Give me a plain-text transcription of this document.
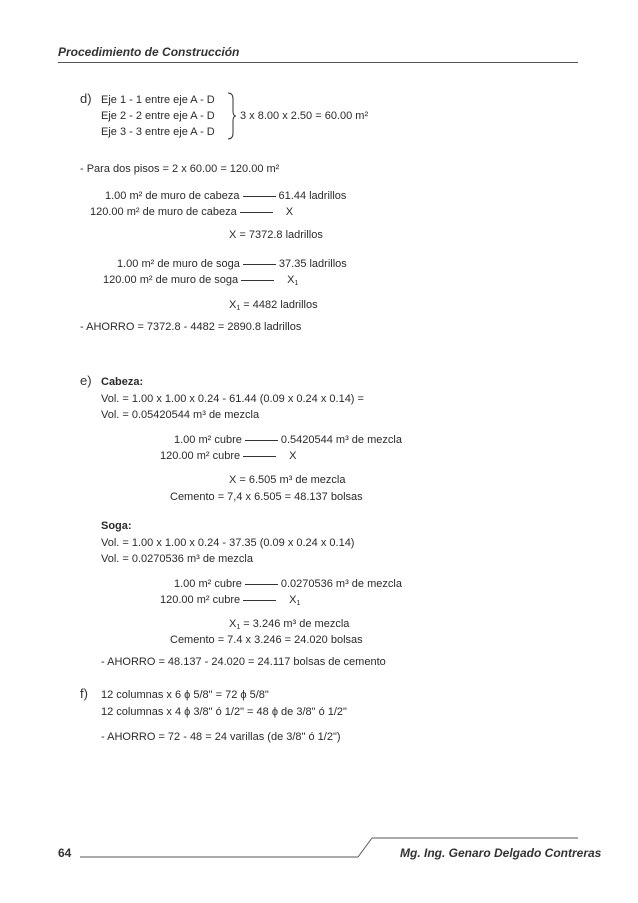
Procedimiento de Construcción
d) Eje 1 - 1 entre eje A - D
Eje 2 - 2 entre eje A - D
Eje 3 - 3 entre eje A - D
3 x 8.00 x 2.50 = 60.00 m²
- Para dos pisos = 2 x 60.00 = 120.00 m²
1.00 m² de muro de cabeza	61.44 ladrillos
120.00 m² de muro de cabeza	X
X = 7372.8 ladrillos
1.00 m² de muro de soga	37.35 ladrillos
120.00 m² de muro de soga	$X_1$
$X_1 = 4482$ ladrillos
- AHORRO = 7372.8 - 4482 = 2890.8 ladrillos
e) Cabeza:
Vol. = 1.00 x 1.00 x 0.24 - 61.44 (0.09 x 0.24 x 0.14) =
Vol. = 0.05420544 m³ de mezcla
1.00 m² cubre	0.5420544 m³ de mezcla
120.00 m² cubre	X
X = 6.505 m³ de mezcla
Cemento = 7,4 x 6.505 = 48.137 bolsas
Soga:
Vol. = 1.00 x 1.00 x 0.24 - 37.35 (0.09 x 0.24 x 0.14)
Vol. = 0.0270536 m³ de mezcla
1.00 m² cubre	0.0270536 m³ de mezcla
120.00 m² cubre	$X_1$
$X_1 = 3.246$ m³ de mezcla
Cemento = 7.4 x 3.246 = 24.020 bolsas
- AHORRO = 48.137 - 24.020 = 24.117 bolsas de cemento
f) 12 columnas x 6 ϕ 5/8" = 72 ϕ 5/8"
12 columnas x 4 ϕ 3/8" ó 1/2" = 48 ϕ de 3/8" ó 1/2"
- AHORRO = 72 - 48 = 24 varillas (de 3/8" ó 1/2")
64	Mg. Ing. Genaro Delgado Contreras
